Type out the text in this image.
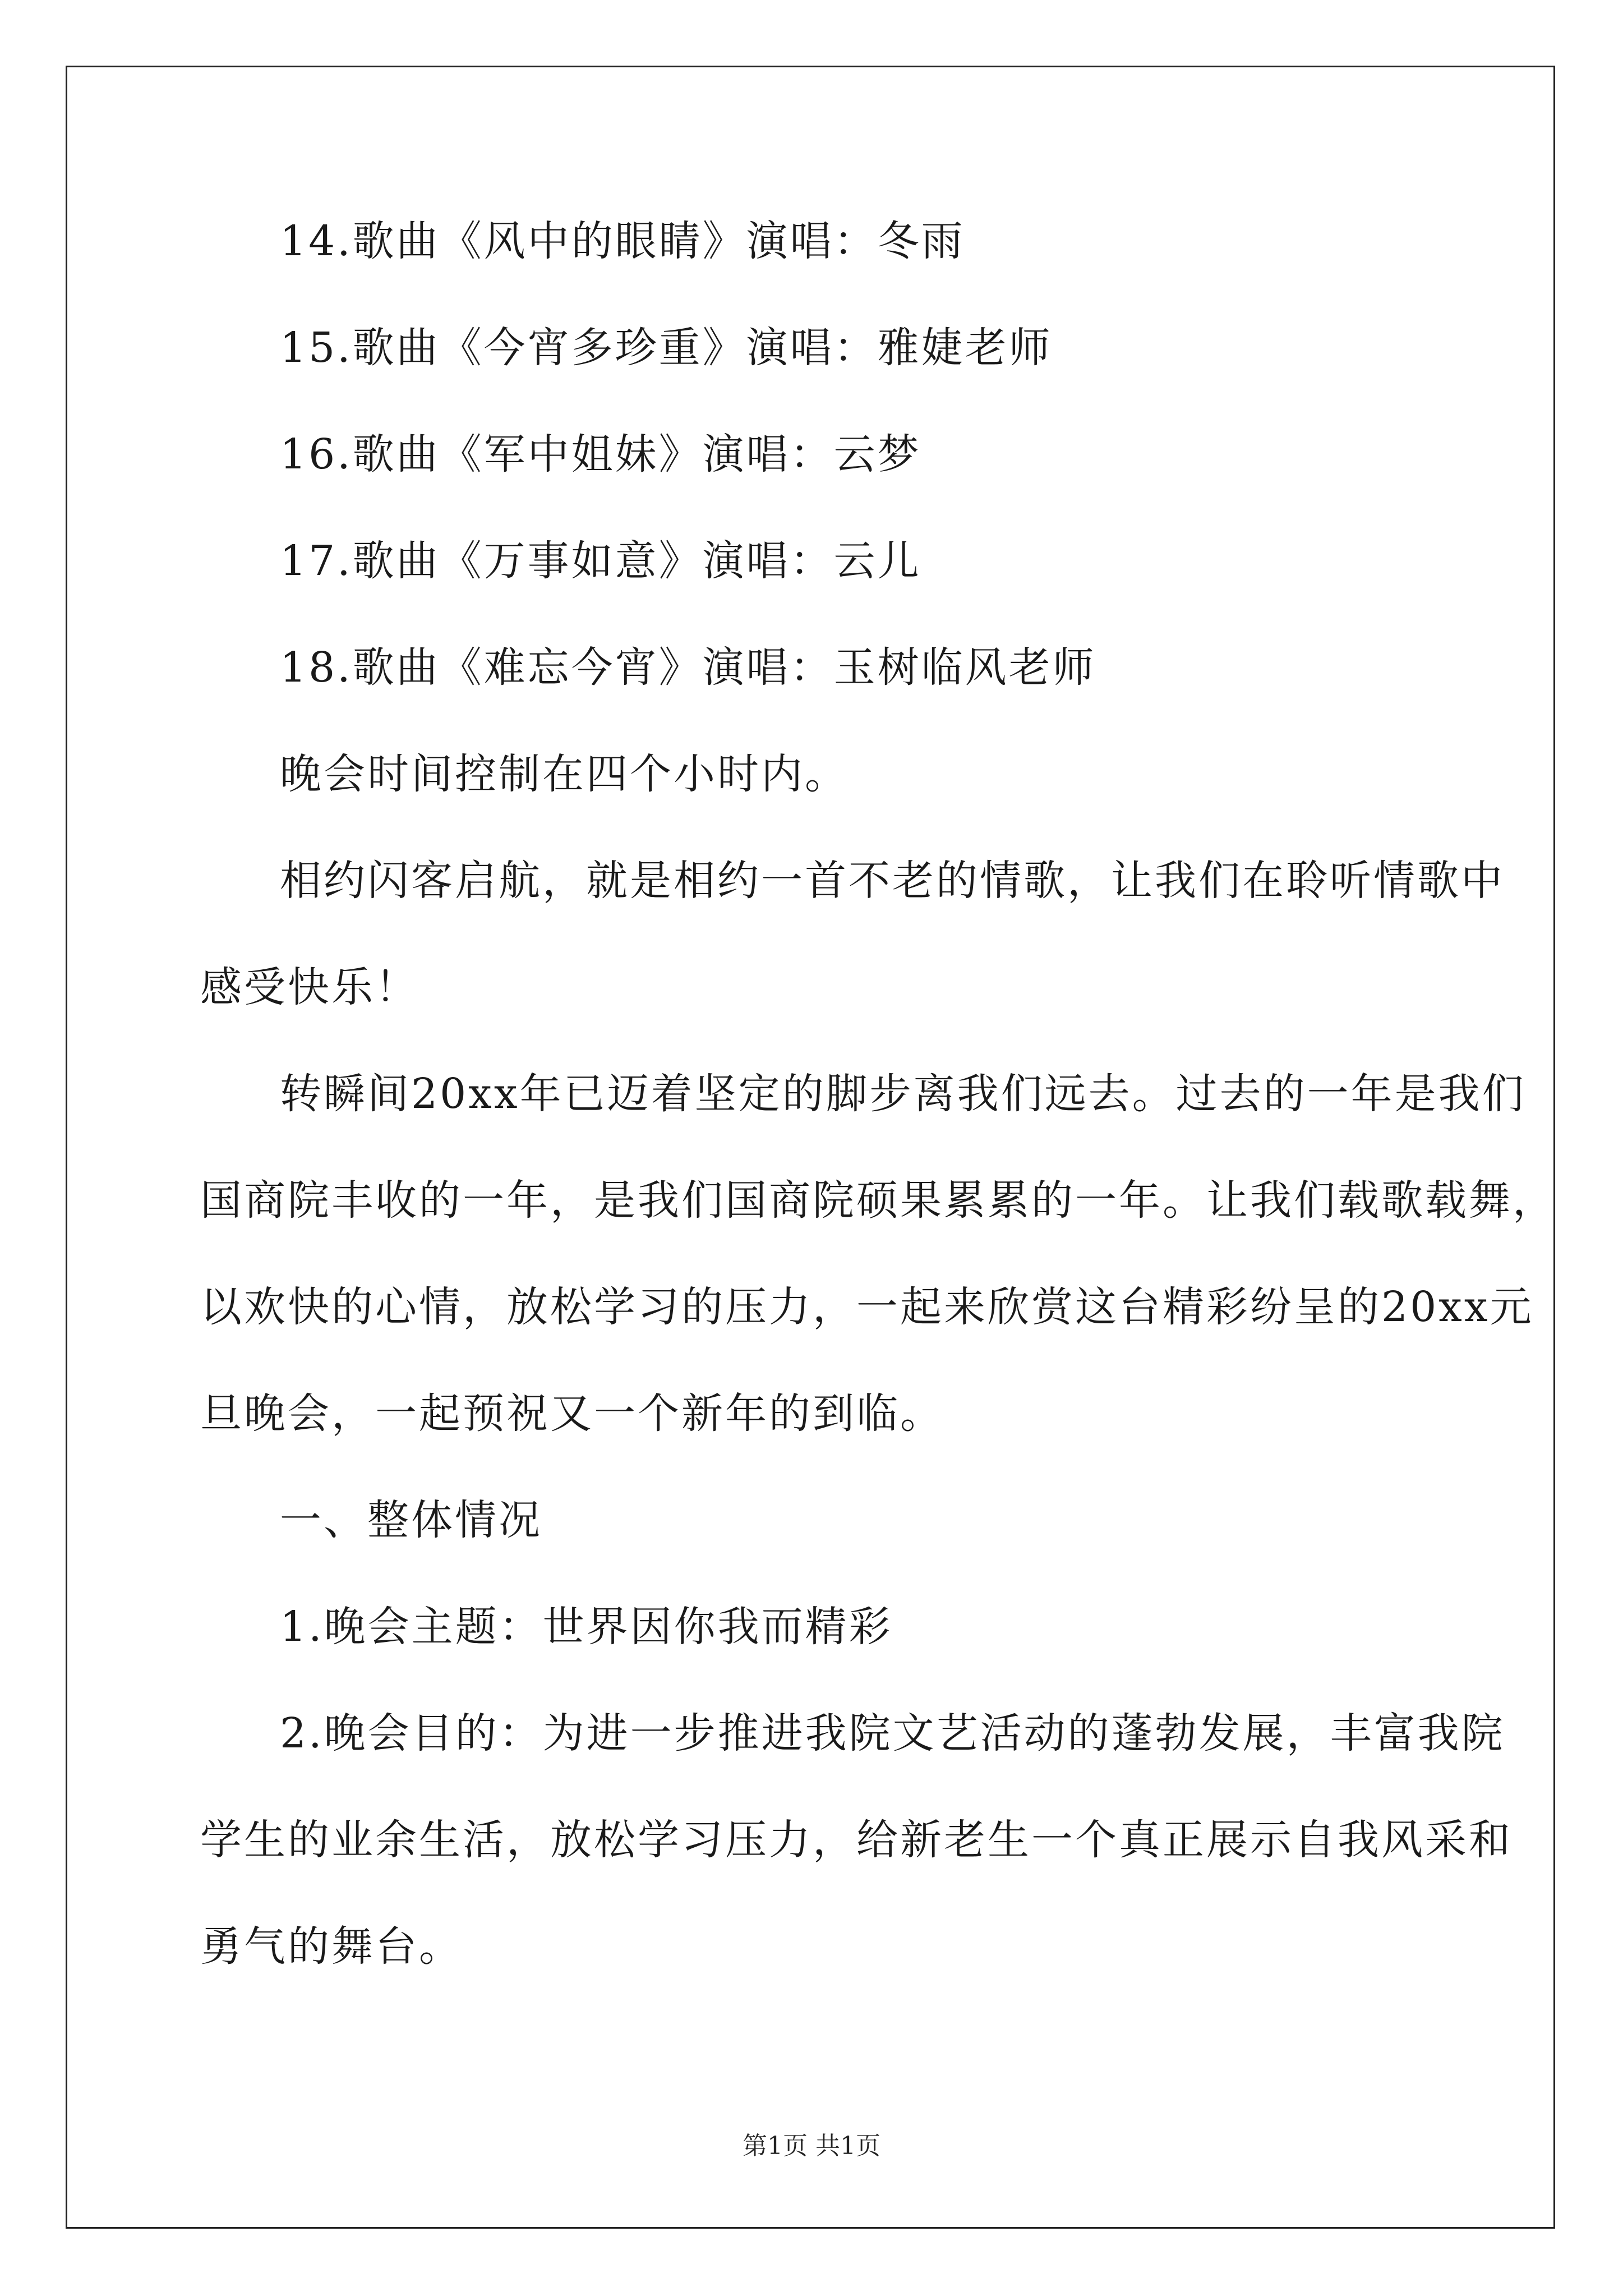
14.歌曲《风中的眼睛》演唱：冬雨
15.歌曲《今宵多珍重》演唱：雅婕老师
16.歌曲《军中姐妹》演唱：云梦
17.歌曲《万事如意》演唱：云儿
18.歌曲《难忘今宵》演唱：玉树临风老师
晚会时间控制在四个小时内。
相约闪客启航，就是相约一首不老的情歌，让我们在聆听情歌中
感受快乐！
转瞬间20xx年已迈着坚定的脚步离我们远去。过去的一年是我们
国商院丰收的一年，是我们国商院硕果累累的一年。让我们载歌载舞，
以欢快的心情，放松学习的压力，一起来欣赏这台精彩纷呈的20xx元
旦晚会，一起预祝又一个新年的到临。
一、整体情况
1.晚会主题：世界因你我而精彩
2.晚会目的：为进一步推进我院文艺活动的蓬勃发展，丰富我院
学生的业余生活，放松学习压力，给新老生一个真正展示自我风采和
勇气的舞台。
第1页 共1页
